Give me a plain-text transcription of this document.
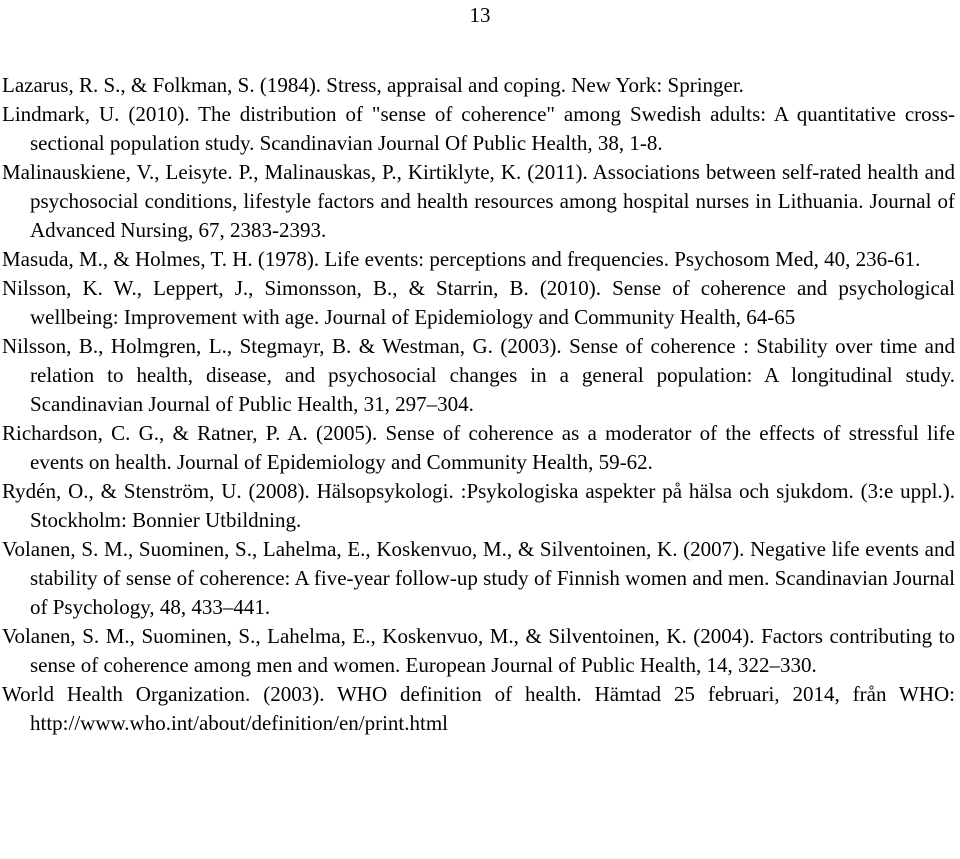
13
Lazarus, R. S., & Folkman, S. (1984). Stress, appraisal and coping. New York: Springer.
Lindmark, U. (2010). The distribution of "sense of coherence" among Swedish adults: A quantitative cross-sectional population study. Scandinavian Journal Of Public Health, 38, 1-8.
Malinauskiene, V., Leisyte. P., Malinauskas, P., Kirtiklyte, K. (2011). Associations between self-rated health and psychosocial conditions, lifestyle factors and health resources among hospital nurses in Lithuania. Journal of Advanced Nursing, 67, 2383-2393.
Masuda, M., & Holmes, T. H. (1978). Life events: perceptions and frequencies. Psychosom Med, 40, 236-61.
Nilsson, K. W., Leppert, J., Simonsson, B., & Starrin, B. (2010). Sense of coherence and psychological wellbeing: Improvement with age. Journal of Epidemiology and Community Health, 64-65
Nilsson, B., Holmgren, L., Stegmayr, B. & Westman, G. (2003). Sense of coherence : Stability over time and relation to health, disease, and psychosocial changes in a general population: A longitudinal study. Scandinavian Journal of Public Health, 31, 297–304.
Richardson, C. G., & Ratner, P. A. (2005). Sense of coherence as a moderator of the effects of stressful life events on health. Journal of Epidemiology and Community Health, 59-62.
Rydén, O., & Stenström, U. (2008). Hälsopsykologi. :Psykologiska aspekter på hälsa och sjukdom. (3:e uppl.). Stockholm: Bonnier Utbildning.
Volanen, S. M., Suominen, S., Lahelma, E., Koskenvuo, M., & Silventoinen, K. (2007). Negative life events and stability of sense of coherence: A five-year follow-up study of Finnish women and men. Scandinavian Journal of Psychology, 48, 433–441.
Volanen, S. M., Suominen, S., Lahelma, E., Koskenvuo, M., & Silventoinen, K. (2004). Factors contributing to sense of coherence among men and women. European Journal of Public Health, 14, 322–330.
World Health Organization. (2003). WHO definition of health. Hämtad 25 februari, 2014, från WHO: http://www.who.int/about/definition/en/print.html
